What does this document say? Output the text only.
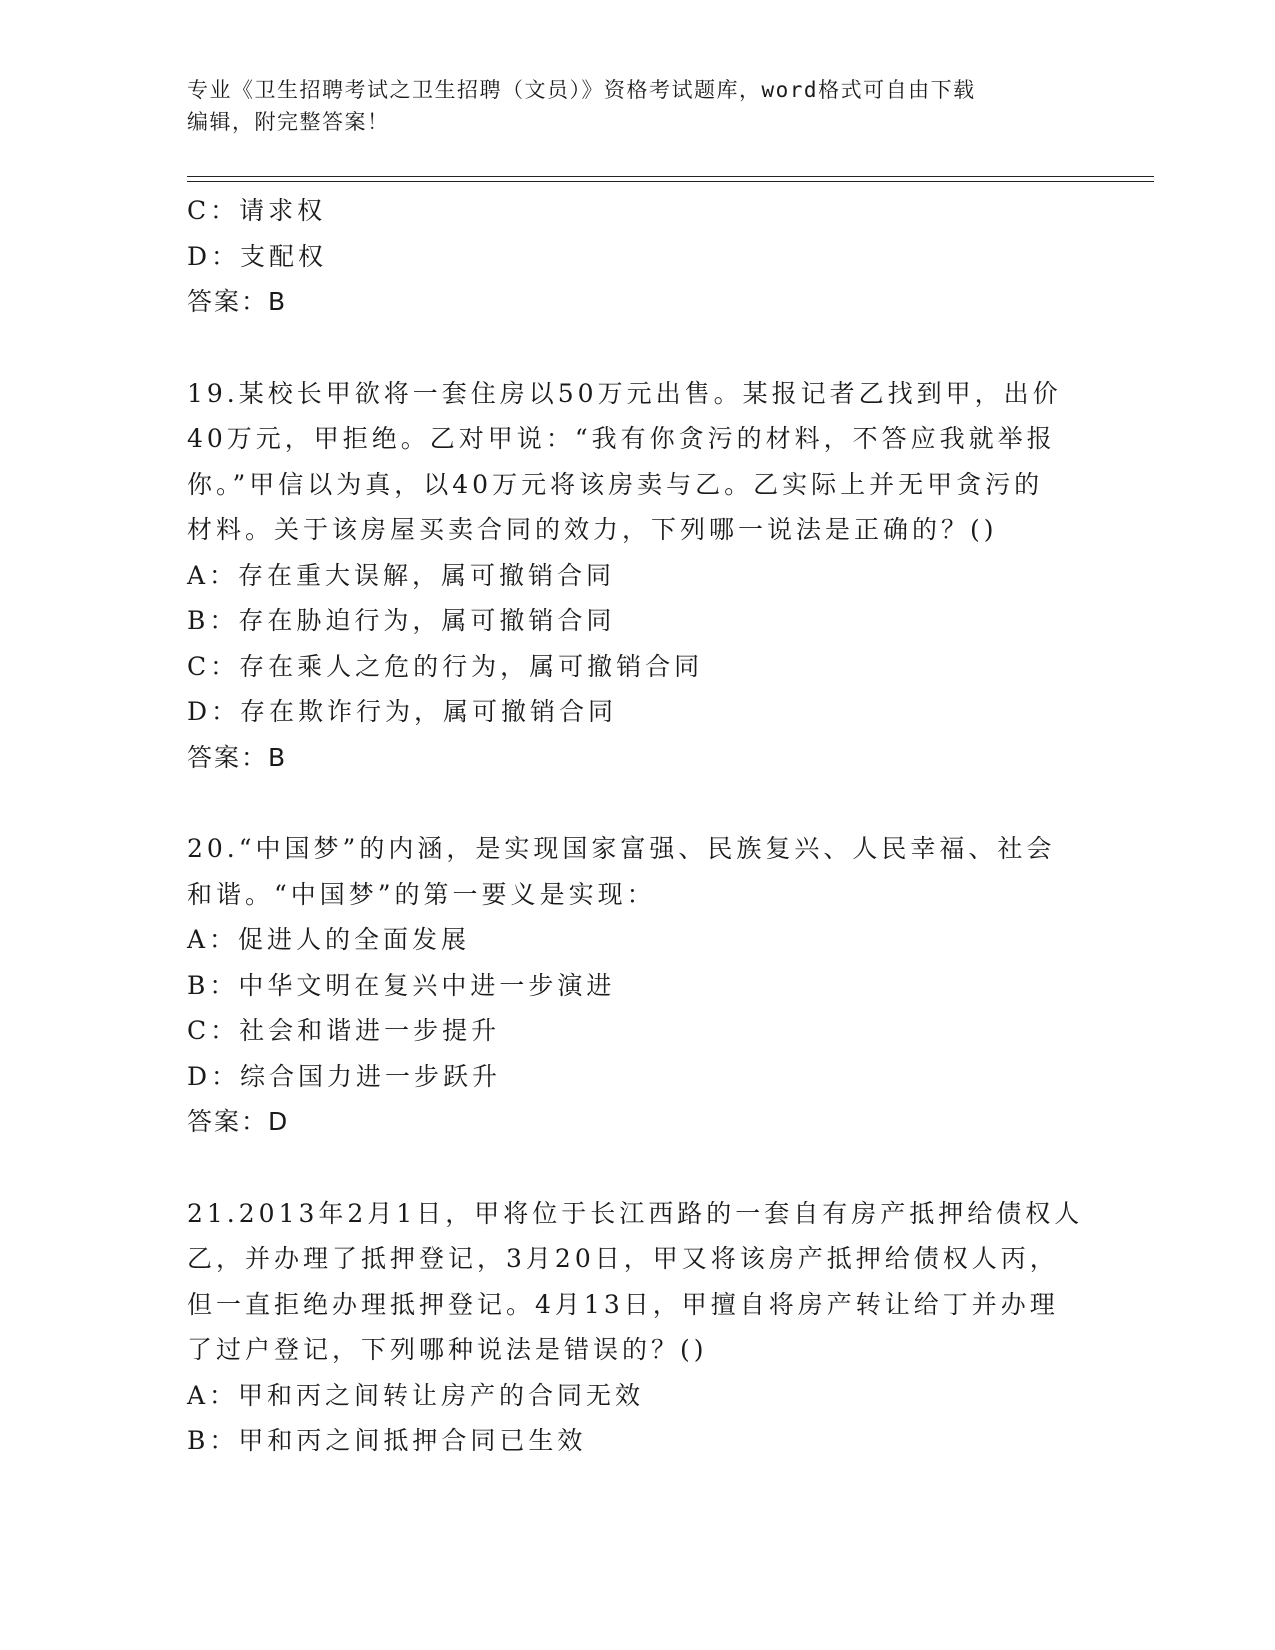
专业《卫生招聘考试之卫生招聘（文员）》资格考试题库，word格式可自由下载
编辑，附完整答案！
C：请求权
D：支配权
答案：B
19.某校长甲欲将一套住房以50万元出售。某报记者乙找到甲，出价
40万元，甲拒绝。乙对甲说：“我有你贪污的材料，不答应我就举报
你。”甲信以为真，以40万元将该房卖与乙。乙实际上并无甲贪污的
材料。关于该房屋买卖合同的效力，下列哪一说法是正确的？()
A：存在重大误解，属可撤销合同
B：存在胁迫行为，属可撤销合同
C：存在乘人之危的行为，属可撤销合同
D：存在欺诈行为，属可撤销合同
答案：B
20.“中国梦”的内涵，是实现国家富强、民族复兴、人民幸福、社会
和谐。“中国梦”的第一要义是实现：
A：促进人的全面发展
B：中华文明在复兴中进一步演进
C：社会和谐进一步提升
D：综合国力进一步跃升
答案：D
21.2013年2月1日，甲将位于长江西路的一套自有房产抵押给债权人
乙，并办理了抵押登记，3月20日，甲又将该房产抵押给债权人丙，
但一直拒绝办理抵押登记。4月13日，甲擅自将房产转让给丁并办理
了过户登记，下列哪种说法是错误的？()
A：甲和丙之间转让房产的合同无效
B：甲和丙之间抵押合同已生效
